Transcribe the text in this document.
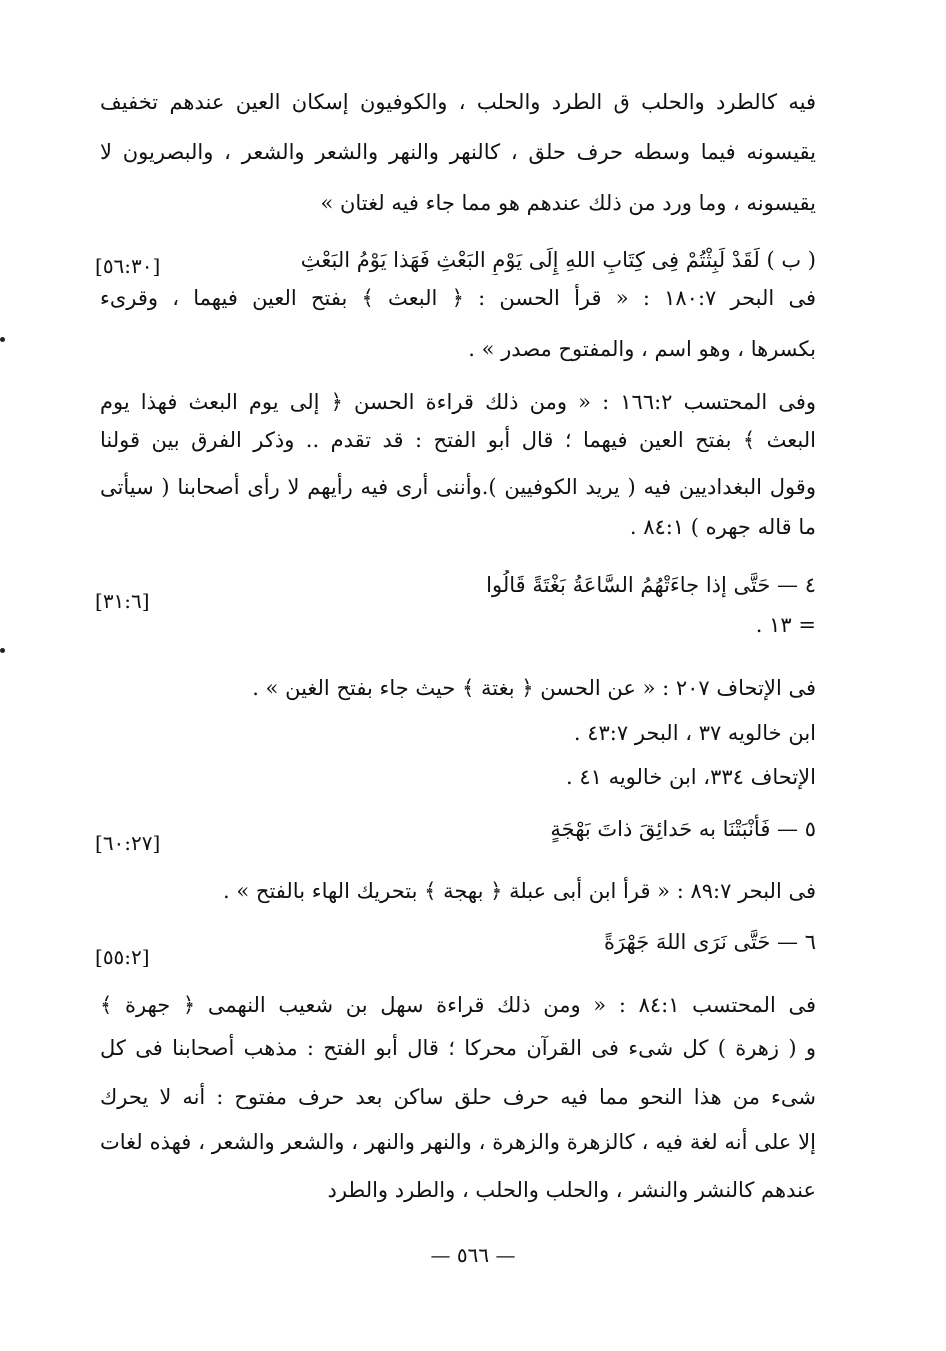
فيه كالطرد والحلب ق الطرد والحلب ، والكوفيون إسكان العين عندهم تخفيف
يقيسونه فيما وسطه حرف حلق ، كالنهر والنهر والشعر والشعر ، والبصريون لا
يقيسونه ، وما ورد من ذلك عندهم هو مما جاء فيه لغتان »
( ب ) لَقَدْ لَبِثْتُمْ فِى كِتَابِ اللهِ إِلَى يَوْمِ البَعْثِ فَهَذا يَوْمُ البَعْثِ
فى البحر ١٨٠:٧ : « قرأ الحسن : ﴿ البعث ﴾ بفتح العين فيهما ، وقرىء
بكسرها ، وهو اسم ، والمفتوح مصدر » .
وفى المحتسب ١٦٦:٢ : « ومن ذلك قراءة الحسن ﴿ إلى يوم البعث فهذا يوم
البعث ﴾ بفتح العين فيهما ؛ قال أبو الفتح : قد تقدم .. وذكر الفرق بين قولنا
وقول البغداديين فيه ( يريد الكوفيين ).وأننى أرى فيه رأيهم لا رأى أصحابنا ( سيأتى
ما قاله جهره ) ٨٤:١ .
٤ — حَتَّى إذا جاءَتْهُمُ السَّاعَةُ بَغْتَةً قَالُوا
= ١٣ .
فى الإتحاف ٢٠٧ : « عن الحسن ﴿ بغتة ﴾ حيث جاء بفتح الغين » .
ابن خالويه ٣٧ ، البحر ٤٣:٧ .
الإتحاف ٣٣٤، ابن خالويه ٤١ .
٥ — فَأَنْبَتْنَا به حَدائِقَ ذاتَ بَهْجَةٍ
فى البحر ٨٩:٧ : « قرأ ابن أبى عبلة ﴿ بهجة ﴾ بتحريك الهاء بالفتح » .
٦ — حَتَّى نَرَى اللهَ جَهْرَةً
فى المحتسب ٨٤:١ : « ومن ذلك قراءة سهل بن شعيب النهمى ﴿ جهرة ﴾
و ( زهرة ) كل شىء فى القرآن محركا ؛ قال أبو الفتح : مذهب أصحابنا فى كل
شىء من هذا النحو مما فيه حرف حلق ساكن بعد حرف مفتوح : أنه لا يحرك
إلا على أنه لغة فيه ، كالزهرة والزهرة ، والنهر والنهر ، والشعر والشعر ، فهذه لغات
عندهم كالنشر والنشر ، والحلب والحلب ، والطرد والطرد
[٥٦:٣٠]
[٣١:٦]
[٦٠:٢٧]
[٥٥:٢]
— ٥٦٦ —
